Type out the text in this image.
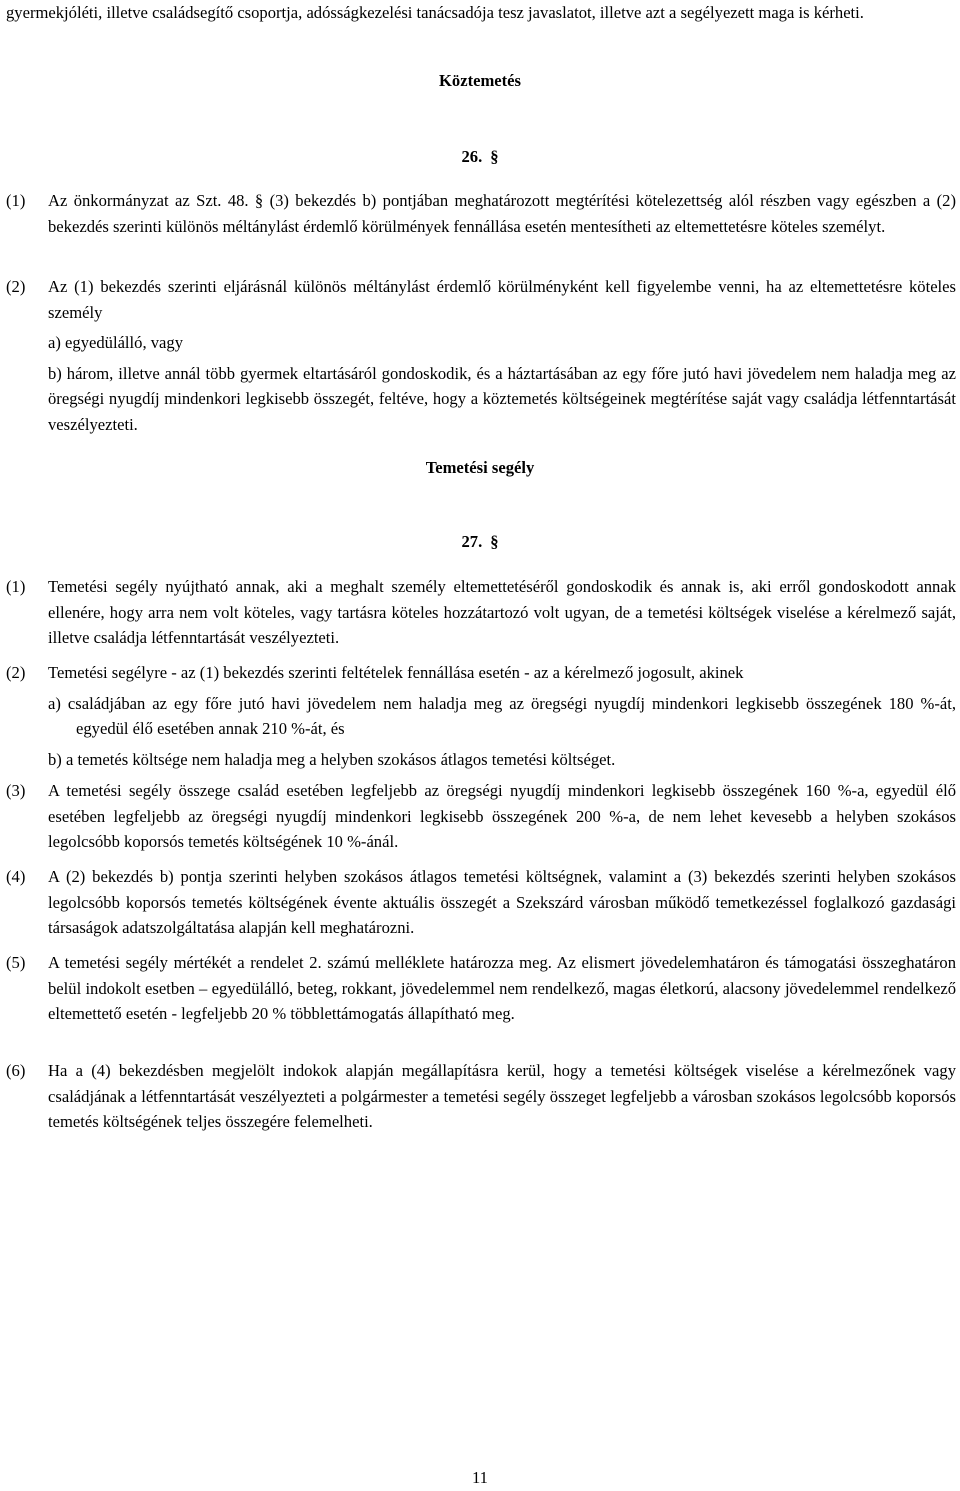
gyermekjóléti, illetve családsegítő csoportja, adósságkezelési tanácsadója tesz javaslatot, illetve azt a segélyezett maga is kérheti.
Köztemetés
26. §
(1)	Az önkormányzat az Szt. 48. § (3) bekezdés b) pontjában meghatározott megtérítési kötelezettség alól részben vagy egészben a (2) bekezdés szerinti különös méltánylást érdemlő körülmények fennállása esetén mentesítheti az eltemettetésre köteles személyt.
(2)	Az (1) bekezdés szerinti eljárásnál különös méltánylást érdemlő körülményként kell figyelembe venni, ha az eltemettetésre köteles személy
a) egyedülálló, vagy
b) három, illetve annál több gyermek eltartásáról gondoskodik, és a háztartásában az egy főre jutó havi jövedelem nem haladja meg az öregségi nyugdíj mindenkori legkisebb összegét, feltéve, hogy a köztemetés költségeinek megtérítése saját vagy családja létfenntartását veszélyezteti.
Temetési segély
27. §
(1)	Temetési segély nyújtható annak, aki a meghalt személy eltemettetéséről gondoskodik és annak is, aki erről gondoskodott annak ellenére, hogy arra nem volt köteles, vagy tartásra köteles hozzátartozó volt ugyan, de a temetési költségek viselése a kérelmező saját, illetve családja létfenntartását veszélyezteti.
(2)	Temetési segélyre - az (1) bekezdés szerinti feltételek fennállása esetén - az a kérelmező jogosult, akinek
a) családjában az egy főre jutó havi jövedelem nem haladja meg az öregségi nyugdíj mindenkori legkisebb összegének 180 %-át, egyedül élő esetében annak 210 %-át, és
b) a temetés költsége nem haladja meg a helyben szokásos átlagos temetési költséget.
(3)	A temetési segély összege család esetében legfeljebb az öregségi nyugdíj mindenkori legkisebb összegének 160 %-a, egyedül élő esetében legfeljebb az öregségi nyugdíj mindenkori legkisebb összegének 200 %-a, de nem lehet kevesebb a helyben szokásos legolcsóbb koporsós temetés költségének 10 %-ánál.
(4)	A (2) bekezdés b) pontja szerinti helyben szokásos átlagos temetési költségnek, valamint a (3) bekezdés szerinti helyben szokásos legolcsóbb koporsós temetés költségének évente aktuális összegét a Szekszárd városban működő temetkezéssel foglalkozó gazdasági társaságok adatszolgáltatása alapján kell meghatározni.
(5)	A temetési segély mértékét a rendelet 2. számú melléklete határozza meg. Az elismert jövedelemhatáron és támogatási összeghatáron belül indokolt esetben – egyedülálló, beteg, rokkant, jövedelemmel nem rendelkező, magas életkorú, alacsony jövedelemmel rendelkező eltemettető esetén - legfeljebb 20 % többlettámogatás állapítható meg.
(6)	Ha a (4) bekezdésben megjelölt indokok alapján megállapításra kerül, hogy a temetési költségek viselése a kérelmezőnek vagy családjának a létfenntartását veszélyezteti a polgármester a temetési segély összeget legfeljebb a városban szokásos legolcsóbb koporsós temetés költségének teljes összegére felemelheti.
11
